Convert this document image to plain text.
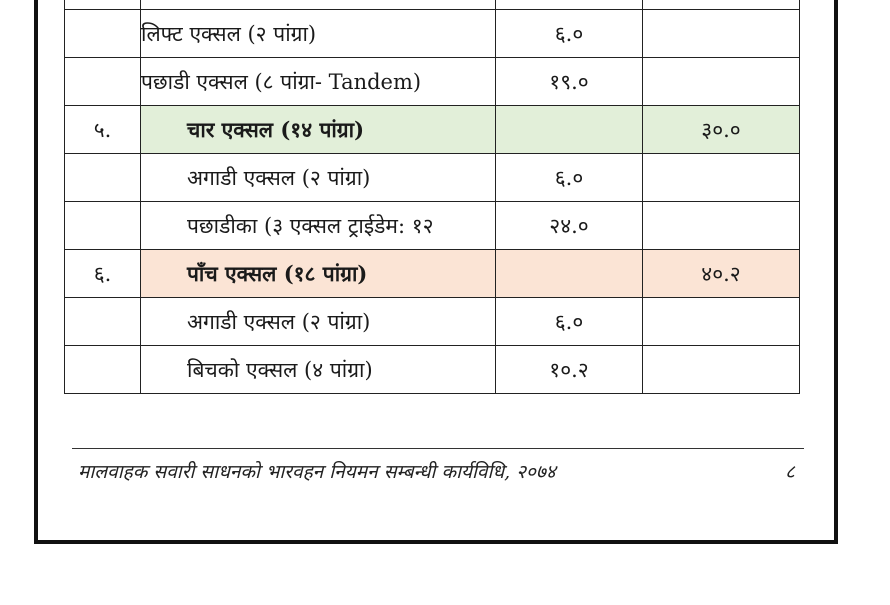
	लिफ्ट एक्सल (२ पांग्रा)	६.०	
	पछाडी एक्सल (८ पांग्रा- Tandem)	१९.०	
५.	चार एक्सल (१४ पांग्रा)		३०.०
	अगाडी एक्सल (२ पांग्रा)	६.०	
	पछाडीका (३ एक्सल ट्राईडेम: १२	२४.०	
६.	पाँच एक्सल (१८ पांग्रा)		४०.२
	अगाडी एक्सल (२ पांग्रा)	६.०	
	बिचको एक्सल (४ पांग्रा)	१०.२	
मालवाहक सवारी साधनको भारवहन नियमन सम्बन्धी कार्यविधि, २०७४	८
